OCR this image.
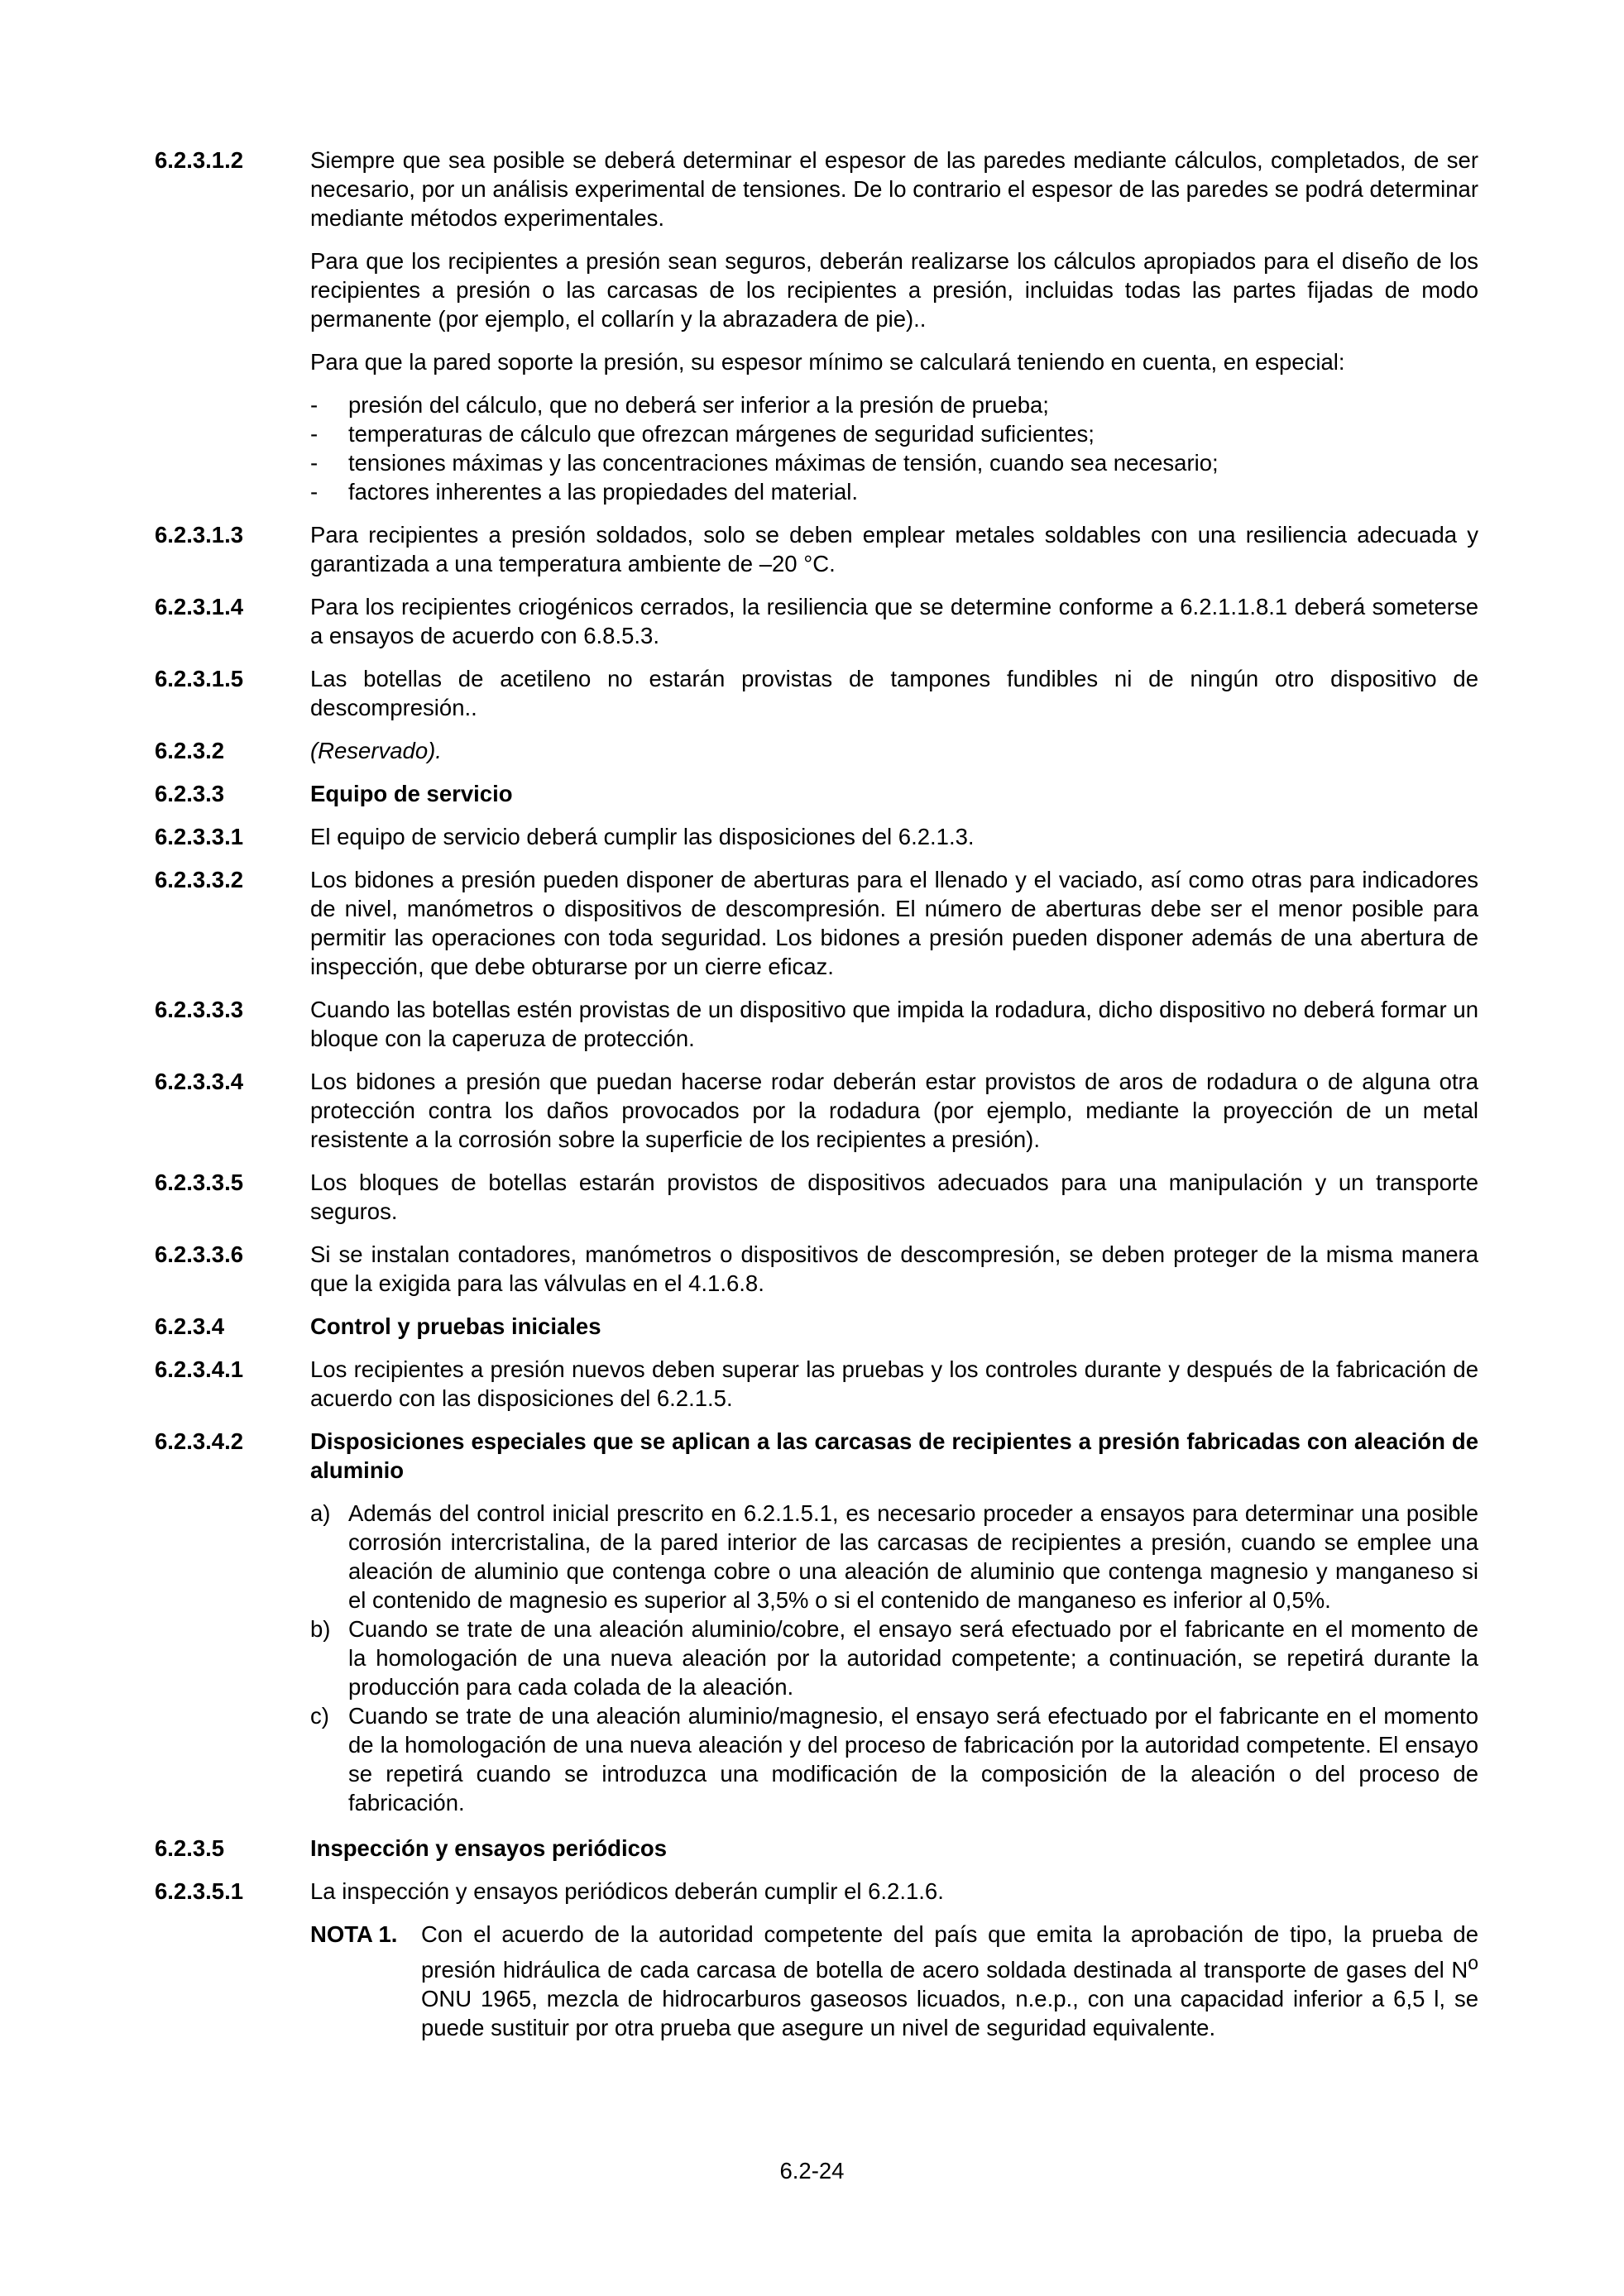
6.2.3.1.2	Siempre que sea posible se deberá determinar el espesor de las paredes mediante cálculos, completados, de ser necesario, por un análisis experimental de tensiones. De lo contrario el espesor de las paredes se podrá determinar mediante métodos experimentales.

Para que los recipientes a presión sean seguros, deberán realizarse los cálculos apropiados para el diseño de los recipientes a presión o las carcasas de los recipientes a presión, incluidas todas las partes fijadas de modo permanente (por ejemplo, el collarín y la abrazadera de pie)..

Para que la pared soporte la presión, su espesor mínimo se calculará teniendo en cuenta, en especial:

-	presión del cálculo, que no deberá ser inferior a la presión de prueba;
-	temperaturas de cálculo que ofrezcan márgenes de seguridad suficientes;
-	tensiones máximas y las concentraciones máximas de tensión, cuando sea necesario;
-	factores inherentes a las propiedades del material.
6.2.3.1.3	Para recipientes a presión soldados, solo se deben emplear metales soldables con una resiliencia adecuada y garantizada a una temperatura ambiente de –20 °C.
6.2.3.1.4	Para los recipientes criogénicos cerrados, la resiliencia que se determine conforme a 6.2.1.1.8.1 deberá someterse a ensayos de acuerdo con 6.8.5.3.
6.2.3.1.5	Las botellas de acetileno no estarán provistas de tampones fundibles ni de ningún otro dispositivo de descompresión..
6.2.3.2	(Reservado).
6.2.3.3	Equipo de servicio
6.2.3.3.1	El equipo de servicio deberá cumplir las disposiciones del 6.2.1.3.
6.2.3.3.2	Los bidones a presión pueden disponer de aberturas para el llenado y el vaciado, así como otras para indicadores de nivel, manómetros o dispositivos de descompresión. El número de aberturas debe ser el menor posible para permitir las operaciones con toda seguridad. Los bidones a presión pueden disponer además de una abertura de inspección, que debe obturarse por un cierre eficaz.
6.2.3.3.3	Cuando las botellas estén provistas de un dispositivo que impida la rodadura, dicho dispositivo no deberá formar un bloque con la caperuza de protección.
6.2.3.3.4	Los bidones a presión que puedan hacerse rodar deberán estar provistos de aros de rodadura o de alguna otra protección contra los daños provocados por la rodadura (por ejemplo, mediante la proyección de un metal resistente a la corrosión sobre la superficie de los recipientes a presión).
6.2.3.3.5	Los bloques de botellas estarán provistos de dispositivos adecuados para una manipulación y un transporte seguros.
6.2.3.3.6	Si se instalan contadores, manómetros o dispositivos de descompresión, se deben proteger de la misma manera que la exigida para las válvulas en el 4.1.6.8.
6.2.3.4	Control y pruebas iniciales
6.2.3.4.1	Los recipientes a presión nuevos deben superar las pruebas y los controles durante y después de la fabricación de acuerdo con las disposiciones del 6.2.1.5.
6.2.3.4.2	Disposiciones especiales que se aplican a las carcasas de recipientes a presión fabricadas con aleación de aluminio

a) Además del control inicial prescrito en 6.2.1.5.1, es necesario proceder a ensayos para determinar una posible corrosión intercristalina, de la pared interior de las carcasas de recipientes a presión, cuando se emplee una aleación de aluminio que contenga cobre o una aleación de aluminio que contenga magnesio y manganeso si el contenido de magnesio es superior al 3,5% o si el contenido de manganeso es inferior al 0,5%.
b) Cuando se trate de una aleación aluminio/cobre, el ensayo será efectuado por el fabricante en el momento de la homologación de una nueva aleación por la autoridad competente; a continuación, se repetirá durante la producción para cada colada de la aleación.
c) Cuando se trate de una aleación aluminio/magnesio, el ensayo será efectuado por el fabricante en el momento de la homologación de una nueva aleación y del proceso de fabricación por la autoridad competente. El ensayo se repetirá cuando se introduzca una modificación de la composición de la aleación o del proceso de fabricación.
6.2.3.5	Inspección y ensayos periódicos
6.2.3.5.1	La inspección y ensayos periódicos deberán cumplir el 6.2.1.6.

NOTA 1.	Con el acuerdo de la autoridad competente del país que emita la aprobación de tipo, la prueba de presión hidráulica de cada carcasa de botella de acero soldada destinada al transporte de gases del $N^o$ ONU 1965, mezcla de hidrocarburos gaseosos licuados, n.e.p., con una capacidad inferior a 6,5 l, se puede sustituir por otra prueba que asegure un nivel de seguridad equivalente.
6.2-24
